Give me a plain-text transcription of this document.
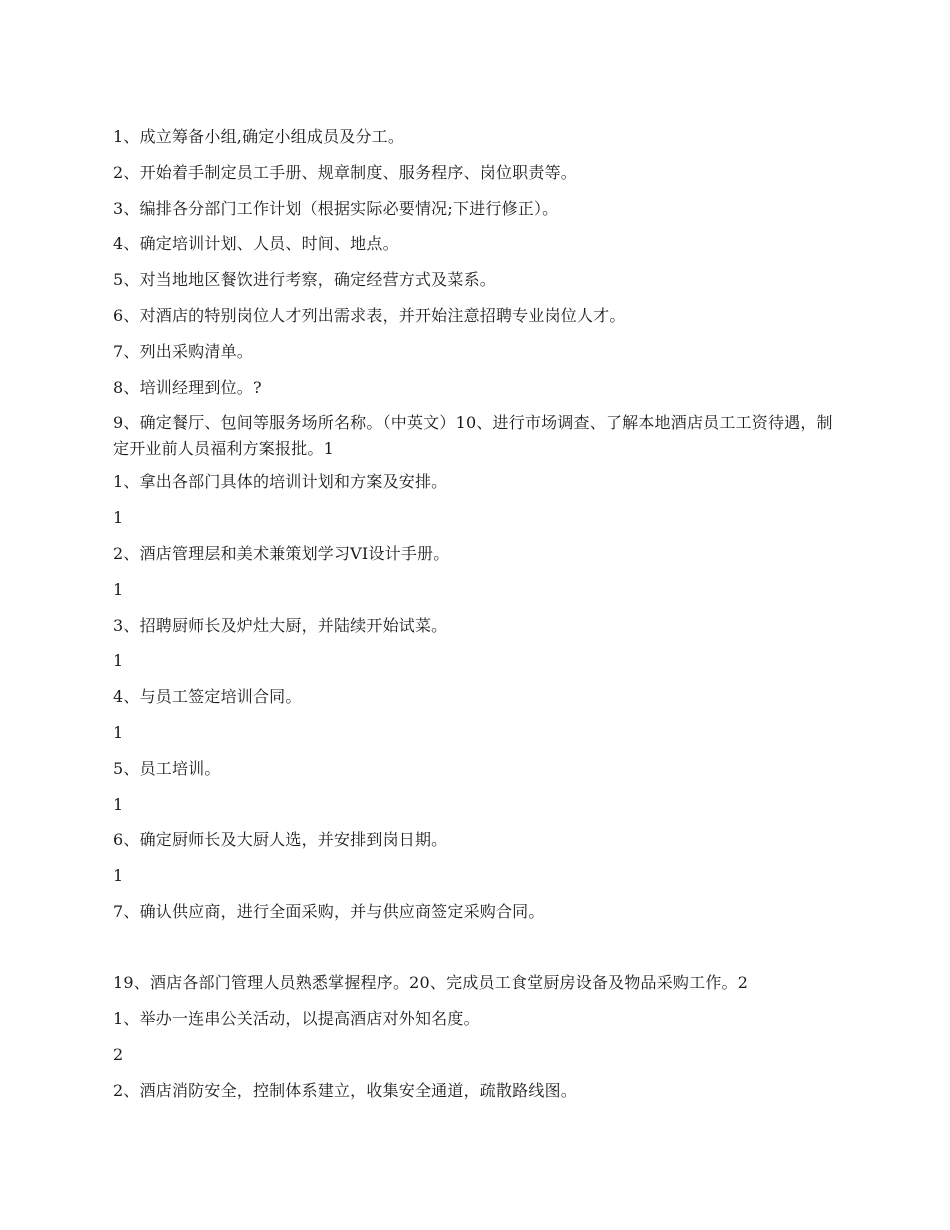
1、成立筹备小组,确定小组成员及分工。
2、开始着手制定员工手册、规章制度、服务程序、岗位职责等。
3、编排各分部门工作计划（根据实际必要情况;下进行修正）。
4、确定培训计划、人员、时间、地点。
5、对当地地区餐饮进行考察，确定经营方式及菜系。
6、对酒店的特别岗位人才列出需求表，并开始注意招聘专业岗位人才。
7、列出采购清单。
8、培训经理到位。?
9、确定餐厅、包间等服务场所名称。（中英文）10、进行市场调查、了解本地酒店员工工资待遇，制定开业前人员福利方案报批。1
1、拿出各部门具体的培训计划和方案及安排。
1
2、酒店管理层和美术兼策划学习VI设计手册。
1
3、招聘厨师长及炉灶大厨，并陆续开始试菜。
1
4、与员工签定培训合同。
1
5、员工培训。
1
6、确定厨师长及大厨人选，并安排到岗日期。
1
7、确认供应商，进行全面采购，并与供应商签定采购合同。
19、酒店各部门管理人员熟悉掌握程序。20、完成员工食堂厨房设备及物品采购工作。2
1、举办一连串公关活动，以提高酒店对外知名度。
2
2、酒店消防安全，控制体系建立，收集安全通道，疏散路线图。
